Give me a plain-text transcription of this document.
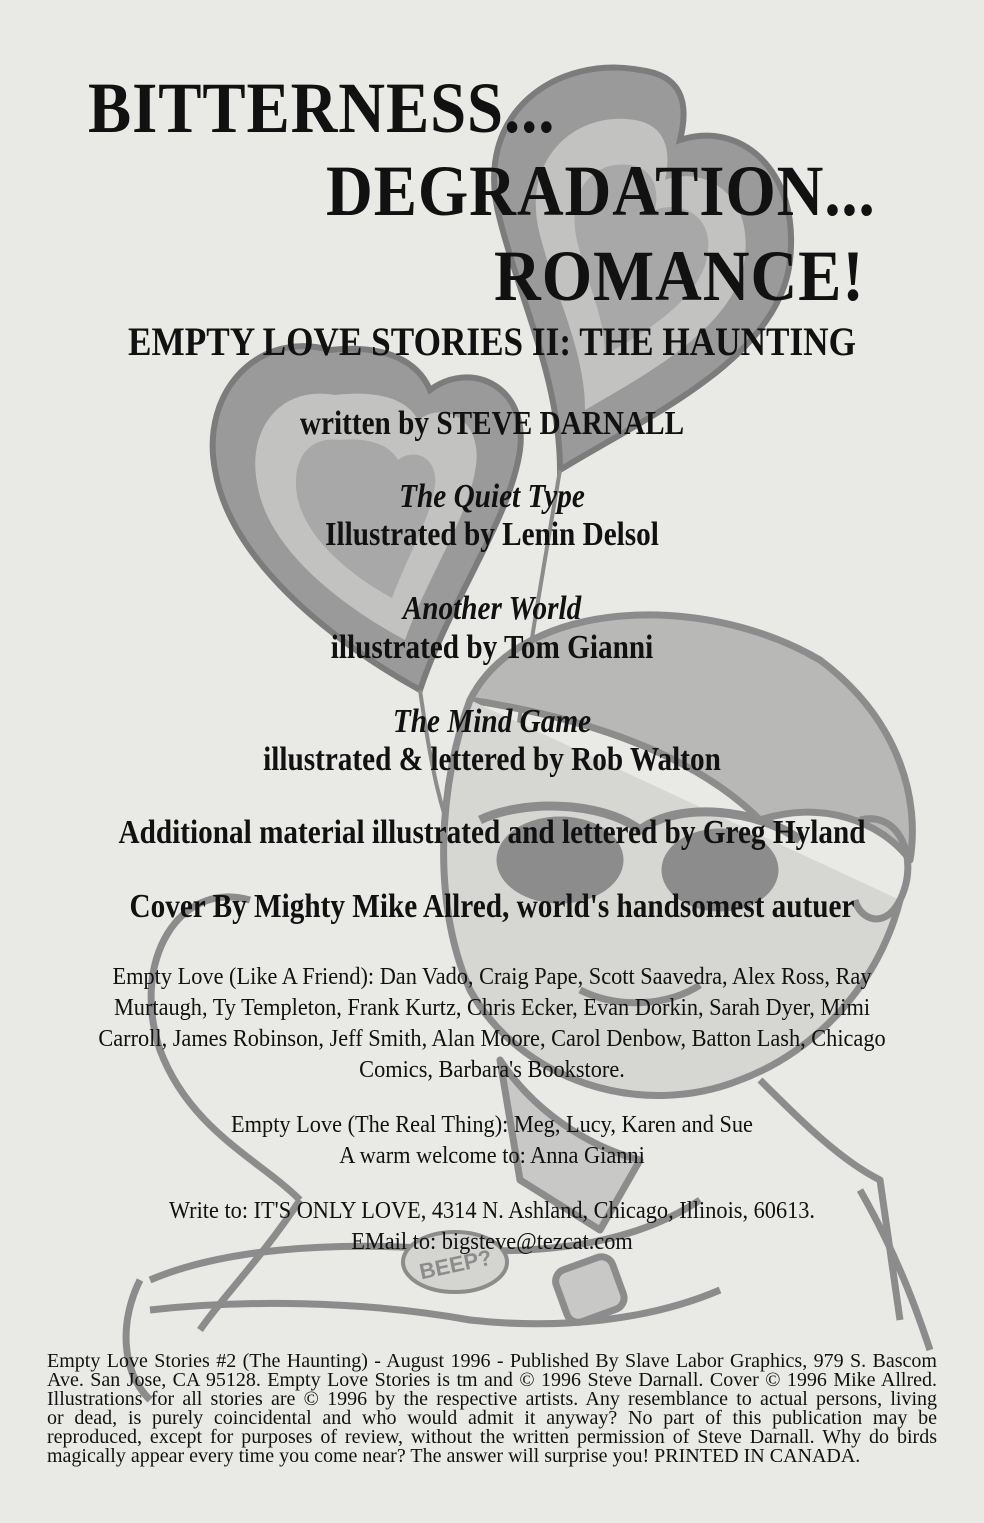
BEEP?
BITTERNESS...
DEGRADATION...
ROMANCE!
EMPTY LOVE STORIES II: THE HAUNTING
written by STEVE DARNALL
The Quiet Type
Illustrated by Lenin Delsol
Another World
illustrated by Tom Gianni
The Mind Game
illustrated & lettered by Rob Walton
Additional material illustrated and lettered by Greg Hyland
Cover By Mighty Mike Allred, world's handsomest autuer
Empty Love (Like A Friend): Dan Vado, Craig Pape, Scott Saavedra, Alex Ross, Ray
Murtaugh, Ty Templeton, Frank Kurtz, Chris Ecker, Evan Dorkin, Sarah Dyer, Mimi
Carroll, James Robinson, Jeff Smith, Alan Moore, Carol Denbow, Batton Lash, Chicago
Comics, Barbara's Bookstore.
Empty Love (The Real Thing): Meg, Lucy, Karen and Sue
A warm welcome to: Anna Gianni
Write to: IT'S ONLY LOVE, 4314 N. Ashland, Chicago, Illinois, 60613.
EMail to: bigsteve@tezcat.com
Empty Love Stories #2 (The Haunting) - August 1996 - Published By Slave Labor Graphics, 979 S. Bascom
Ave. San Jose, CA 95128. Empty Love Stories is tm and © 1996 Steve Darnall. Cover © 1996 Mike Allred.
Illustrations for all stories are © 1996 by the respective artists. Any resemblance to actual persons, living
or dead, is purely coincidental and who would admit it anyway? No part of this publication may be
reproduced, except for purposes of review, without the written permission of Steve Darnall. Why do birds
magically appear every time you come near? The answer will surprise you! PRINTED IN CANADA.
